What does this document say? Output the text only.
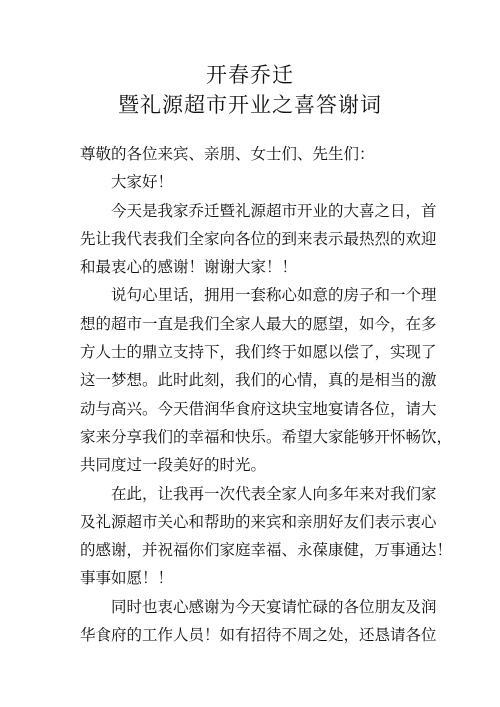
开春乔迁
暨礼源超市开业之喜答谢词
尊敬的各位来宾、亲朋、女士们、先生们：
大家好！
今天是我家乔迁暨礼源超市开业的大喜之日，首
先让我代表我们全家向各位的到来表示最热烈的欢迎
和最衷心的感谢！谢谢大家！！
说句心里话，拥用一套称心如意的房子和一个理
想的超市一直是我们全家人最大的愿望，如今，在多
方人士的鼎立支持下，我们终于如愿以偿了，实现了
这一梦想。此时此刻，我们的心情，真的是相当的激
动与高兴。今天借润华食府这块宝地宴请各位，请大
家来分享我们的幸福和快乐。希望大家能够开怀畅饮，
共同度过一段美好的时光。
在此，让我再一次代表全家人向多年来对我们家
及礼源超市关心和帮助的来宾和亲朋好友们表示衷心
的感谢，并祝福你们家庭幸福、永葆康健，万事通达！
事事如愿！！
同时也衷心感谢为今天宴请忙碌的各位朋友及润
华食府的工作人员！如有招待不周之处，还恳请各位
